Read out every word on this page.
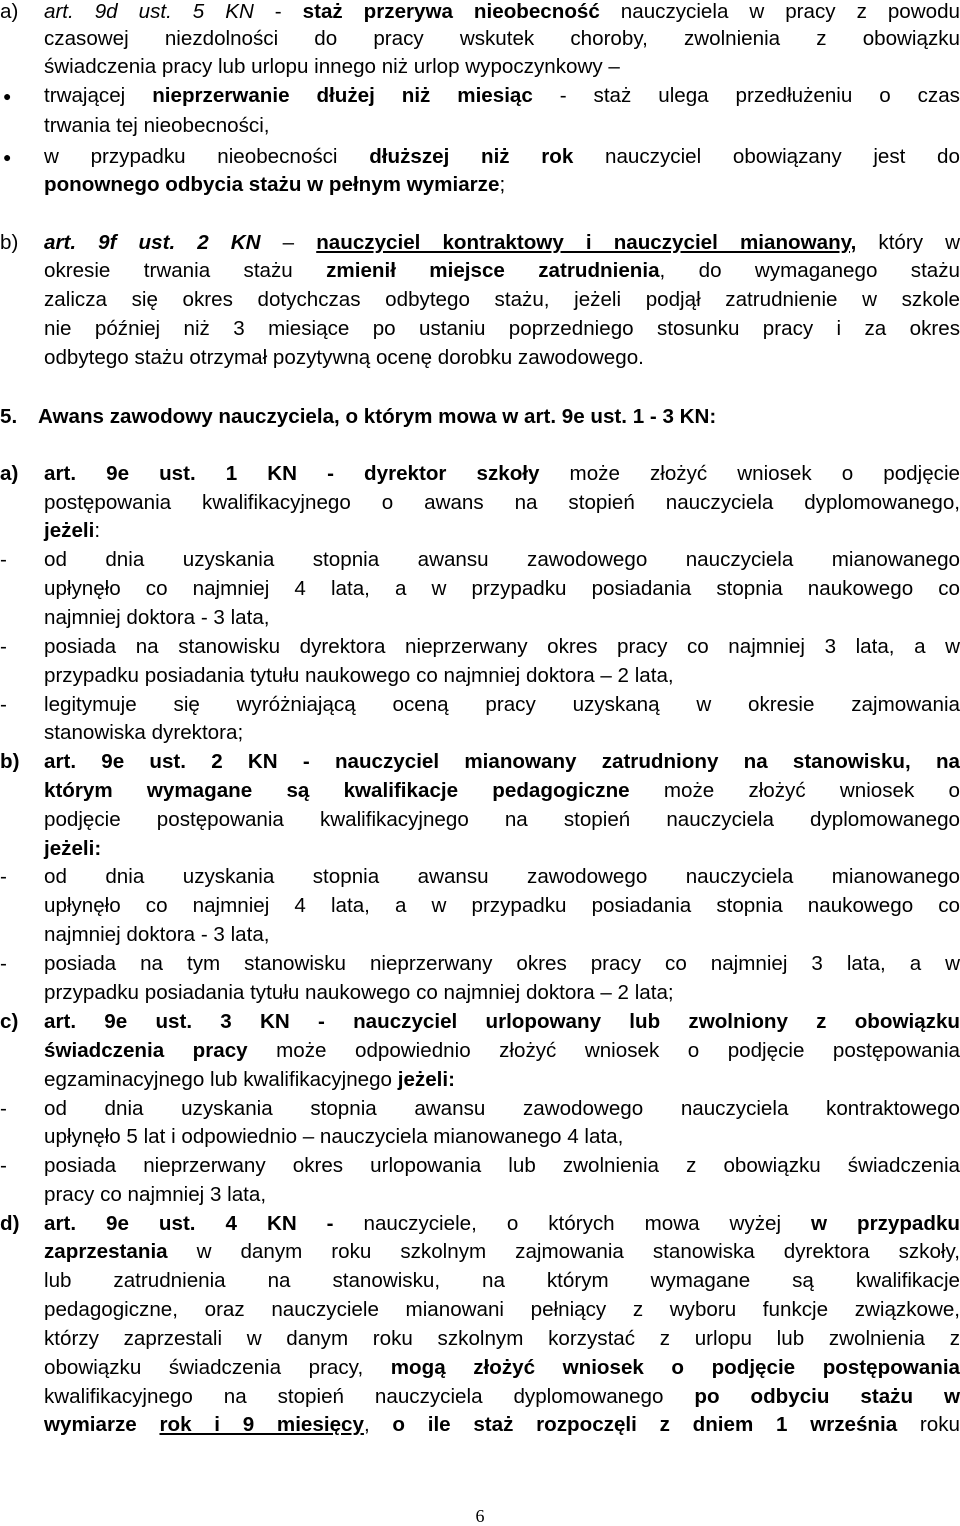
a) art. 9d ust. 5 KN - staż przerywa nieobecność nauczyciela w pracy z powodu
czasowej niezdolności do pracy wskutek choroby, zwolnienia z obowiązku
świadczenia pracy lub urlopu innego niż urlop wypoczynkowy –
● trwającej nieprzerwanie dłużej niż miesiąc - staż ulega przedłużeniu o czas
trwania tej nieobecności,
● w przypadku nieobecności dłuższej niż rok nauczyciel obowiązany jest do
ponownego odbycia stażu w pełnym wymiarze;
b) art. 9f ust. 2 KN – nauczyciel kontraktowy i nauczyciel mianowany, który w
okresie trwania stażu zmienił miejsce zatrudnienia, do wymaganego stażu
zalicza się okres dotychczas odbytego stażu, jeżeli podjął zatrudnienie w szkole
nie później niż 3 miesiące po ustaniu poprzedniego stosunku pracy i za okres
odbytego stażu otrzymał pozytywną ocenę dorobku zawodowego.
5. Awans zawodowy nauczyciela, o którym mowa w art. 9e ust. 1 - 3 KN:
a) art. 9e ust. 1 KN - dyrektor szkoły może złożyć wniosek o podjęcie
postępowania kwalifikacyjnego o awans na stopień nauczyciela dyplomowanego,
jeżeli:
- od dnia uzyskania stopnia awansu zawodowego nauczyciela mianowanego
upłynęło co najmniej 4 lata, a w przypadku posiadania stopnia naukowego co
najmniej doktora - 3 lata,
- posiada na stanowisku dyrektora nieprzerwany okres pracy co najmniej 3 lata, a w
przypadku posiadania tytułu naukowego co najmniej doktora – 2 lata,
- legitymuje się wyróżniającą oceną pracy uzyskaną w okresie zajmowania
stanowiska dyrektora;
b) art. 9e ust. 2 KN - nauczyciel mianowany zatrudniony na stanowisku, na
którym wymagane są kwalifikacje pedagogiczne może złożyć wniosek o
podjęcie postępowania kwalifikacyjnego na stopień nauczyciela dyplomowanego
jeżeli:
- od dnia uzyskania stopnia awansu zawodowego nauczyciela mianowanego
upłynęło co najmniej 4 lata, a w przypadku posiadania stopnia naukowego co
najmniej doktora - 3 lata,
- posiada na tym stanowisku nieprzerwany okres pracy co najmniej 3 lata, a w
przypadku posiadania tytułu naukowego co najmniej doktora – 2 lata;
c) art. 9e ust. 3 KN - nauczyciel urlopowany lub zwolniony z obowiązku
świadczenia pracy może odpowiednio złożyć wniosek o podjęcie postępowania
egzaminacyjnego lub kwalifikacyjnego jeżeli:
- od dnia uzyskania stopnia awansu zawodowego nauczyciela kontraktowego
upłynęło 5 lat i odpowiednio – nauczyciela mianowanego 4 lata,
- posiada nieprzerwany okres urlopowania lub zwolnienia z obowiązku świadczenia
pracy co najmniej 3 lata,
d) art. 9e ust. 4 KN - nauczyciele, o których mowa wyżej w przypadku
zaprzestania w danym roku szkolnym zajmowania stanowiska dyrektora szkoły,
lub zatrudnienia na stanowisku, na którym wymagane są kwalifikacje
pedagogiczne, oraz nauczyciele mianowani pełniący z wyboru funkcje związkowe,
którzy zaprzestali w danym roku szkolnym korzystać z urlopu lub zwolnienia z
obowiązku świadczenia pracy, mogą złożyć wniosek o podjęcie postępowania
kwalifikacyjnego na stopień nauczyciela dyplomowanego po odbyciu stażu w
wymiarze rok i 9 miesięcy, o ile staż rozpoczęli z dniem 1 września roku
6
